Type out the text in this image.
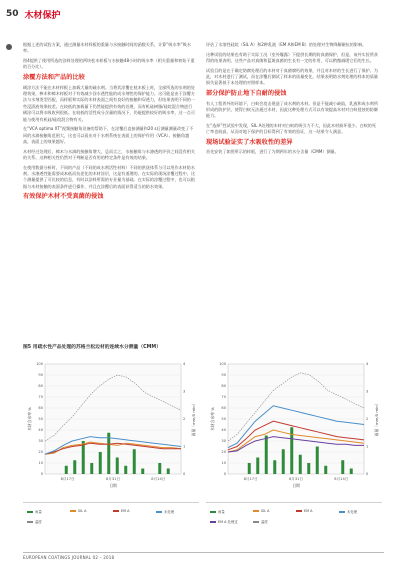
50 木材保护

根据上述的试验方案，通过测量木材样板的重量与水接触时间的函数关系，计算“吸水率”吸水率。

图4提供了使用所选的涂料处理的两块松木样板与水接触48小时的吸水率（相关重量和初始干重的百分比）。

涂覆方法和产品的比较

刷涂方法不能在木材样板上加载大量的疏水剂。当将其涂覆在枕木板上时，全部所选的水剂的处理效果，棒木和樟木样板对于有效减少涂水透性能的成水剂性的保护能力。这可能是由于涂覆方法与水剂类型匹配，而样板和实际的木材表面之间有良好的接触和穿透力，但结果表明不同的一些浸渍液效果较差。在较低的加载量下仍然能提供有效的处理，而有机硅树脂/硅烷混合物进行刷涂可以将水吸收到很低。在较低的活性成分含量的情况下，仍能提供较好的吸水率，这一点可能与使用有机硅/硅烷混合物有关。

在“VCA optima XT”视频接触角设备的帮助下，在涂覆后直接测量和20 s后测量测量改变了不同的水滴接触角范围大，这也可以看出对于水剂系统在表面上的保护作用（VCA）。接触角越高，表面上的效果越好。

木材经过处理后，樟木与水滴的接触角增大，总而言之，水接触角与水渗透的评价之间没有相关的关系。这种相关性仍然对于判断是否有用的特定条件是有效的结果。

在使用数据分析时，不同的产品（不同的成水剂活性材料）不同的供货体系与可以用作木材防水剂。水渗透性能需要成本低而抗老化的木材涂层，这是有道理的。在实际的现场涂覆过程中，这个测量提供了可比较的信息，有时以涂料所需的专业量为基础。在实际的涂覆过程中，也可以根据与木材接触的表面条件进行操作，并且在涂覆后的表面获得适当的防水效果。

有效保护木材不受真菌的侵蚀

评估了水溶性硅烷（SIL A）和2种乳液（EM A和EM B）的处理对生物降解耐抗的影响。

这种试验的结果也有助于实际工况（室外爆露）下提供长期的防真菌保护，但是，该外实验所获得的结果表明，这些产品对真菌和蓝斑真菌的生长有一定的作用，可以稍微减缓它们的生长。

试验目的是在于确定防腐处理后的木材对于真菌腐朽的效果，并且对木材的生长进行了保护。为此，对木材进行了测试，而在涂覆后测试了样本的质量变化，结果表明防水剂处理的样本的质量损失显著低于未处理的对照样本。

部分保护防止地下自耐的侵蚀

有人工程养外的环境下，白蚁会攻击建造了成水剂的木材。但是不能减小缺陷，乳液和成水剂所形成的防护层，使得白蚁无法通过木材，因此这种处理方式可以有效提高木材对白蚁侵蚀的防御能力。

在“选择”性试验中发现，SIL A处理的木材对白蚁的吸引力不大，因此木材损坏很少。白蚁的死亡率也较高，从而对地下保护的目标得到了有效的验证，这一结果令人满意。

现场试验证实了水吸收性的差异

首先安装了如图所示的样板，进行了为期两年的水分含量（CMM）测量。

图5 用疏水性产品处理的苏格兰松边材的连续水分测量（CMM）
0
10
20
30
40
50
60
70
80
90
100
0
1
2
3
4
木材含水率 %	雨量（mm/5 min）
8月17日	8月31日	8月14日
日期
雨量	SIL A	EM A	未处理
温度
0
10
20
30
40
50
60
70
80
90
100
0
1
2
3
4
木材含水率 %	雨量（mm/5 min）
8月17日	8月31日	8月14日
日期
雨量	SIL A	EM A	未处理
EM A 处理过	温度
EUROPEAN COATINGS JOURNAL 02 – 2018
